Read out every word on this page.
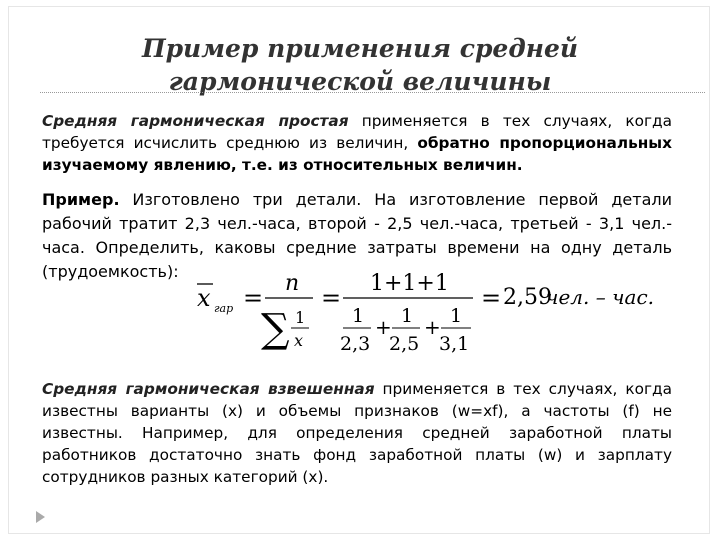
Пример применения средней гармонической величины
Средняя гармоническая простая применяется в тех случаях, когда требуется исчислить среднюю из величин, обратно пропорциональных изучаемому явлению, т.е. из относительных величин.
Пример. Изготовлено три детали. На изготовление первой детали рабочий тратит 2,3 чел.-часа, второй - 2,5 чел.-часа, третьей - 3,1 чел.-часа. Определить, каковы средние затраты времени на одну деталь (трудоемкость):
x гар =
n
∑ 1
x
=
1+1+1
1
2,3
+ 1
2,5
+ 1
3,1
= 2,59
чел. – час.
Средняя гармоническая взвешенная применяется в тех случаях, когда известны варианты (x) и объемы признаков (w=xf), а частоты (f) не известны. Например, для определения средней заработной платы работников достаточно знать фонд заработной платы (w) и зарплату сотрудников разных категорий (x).
